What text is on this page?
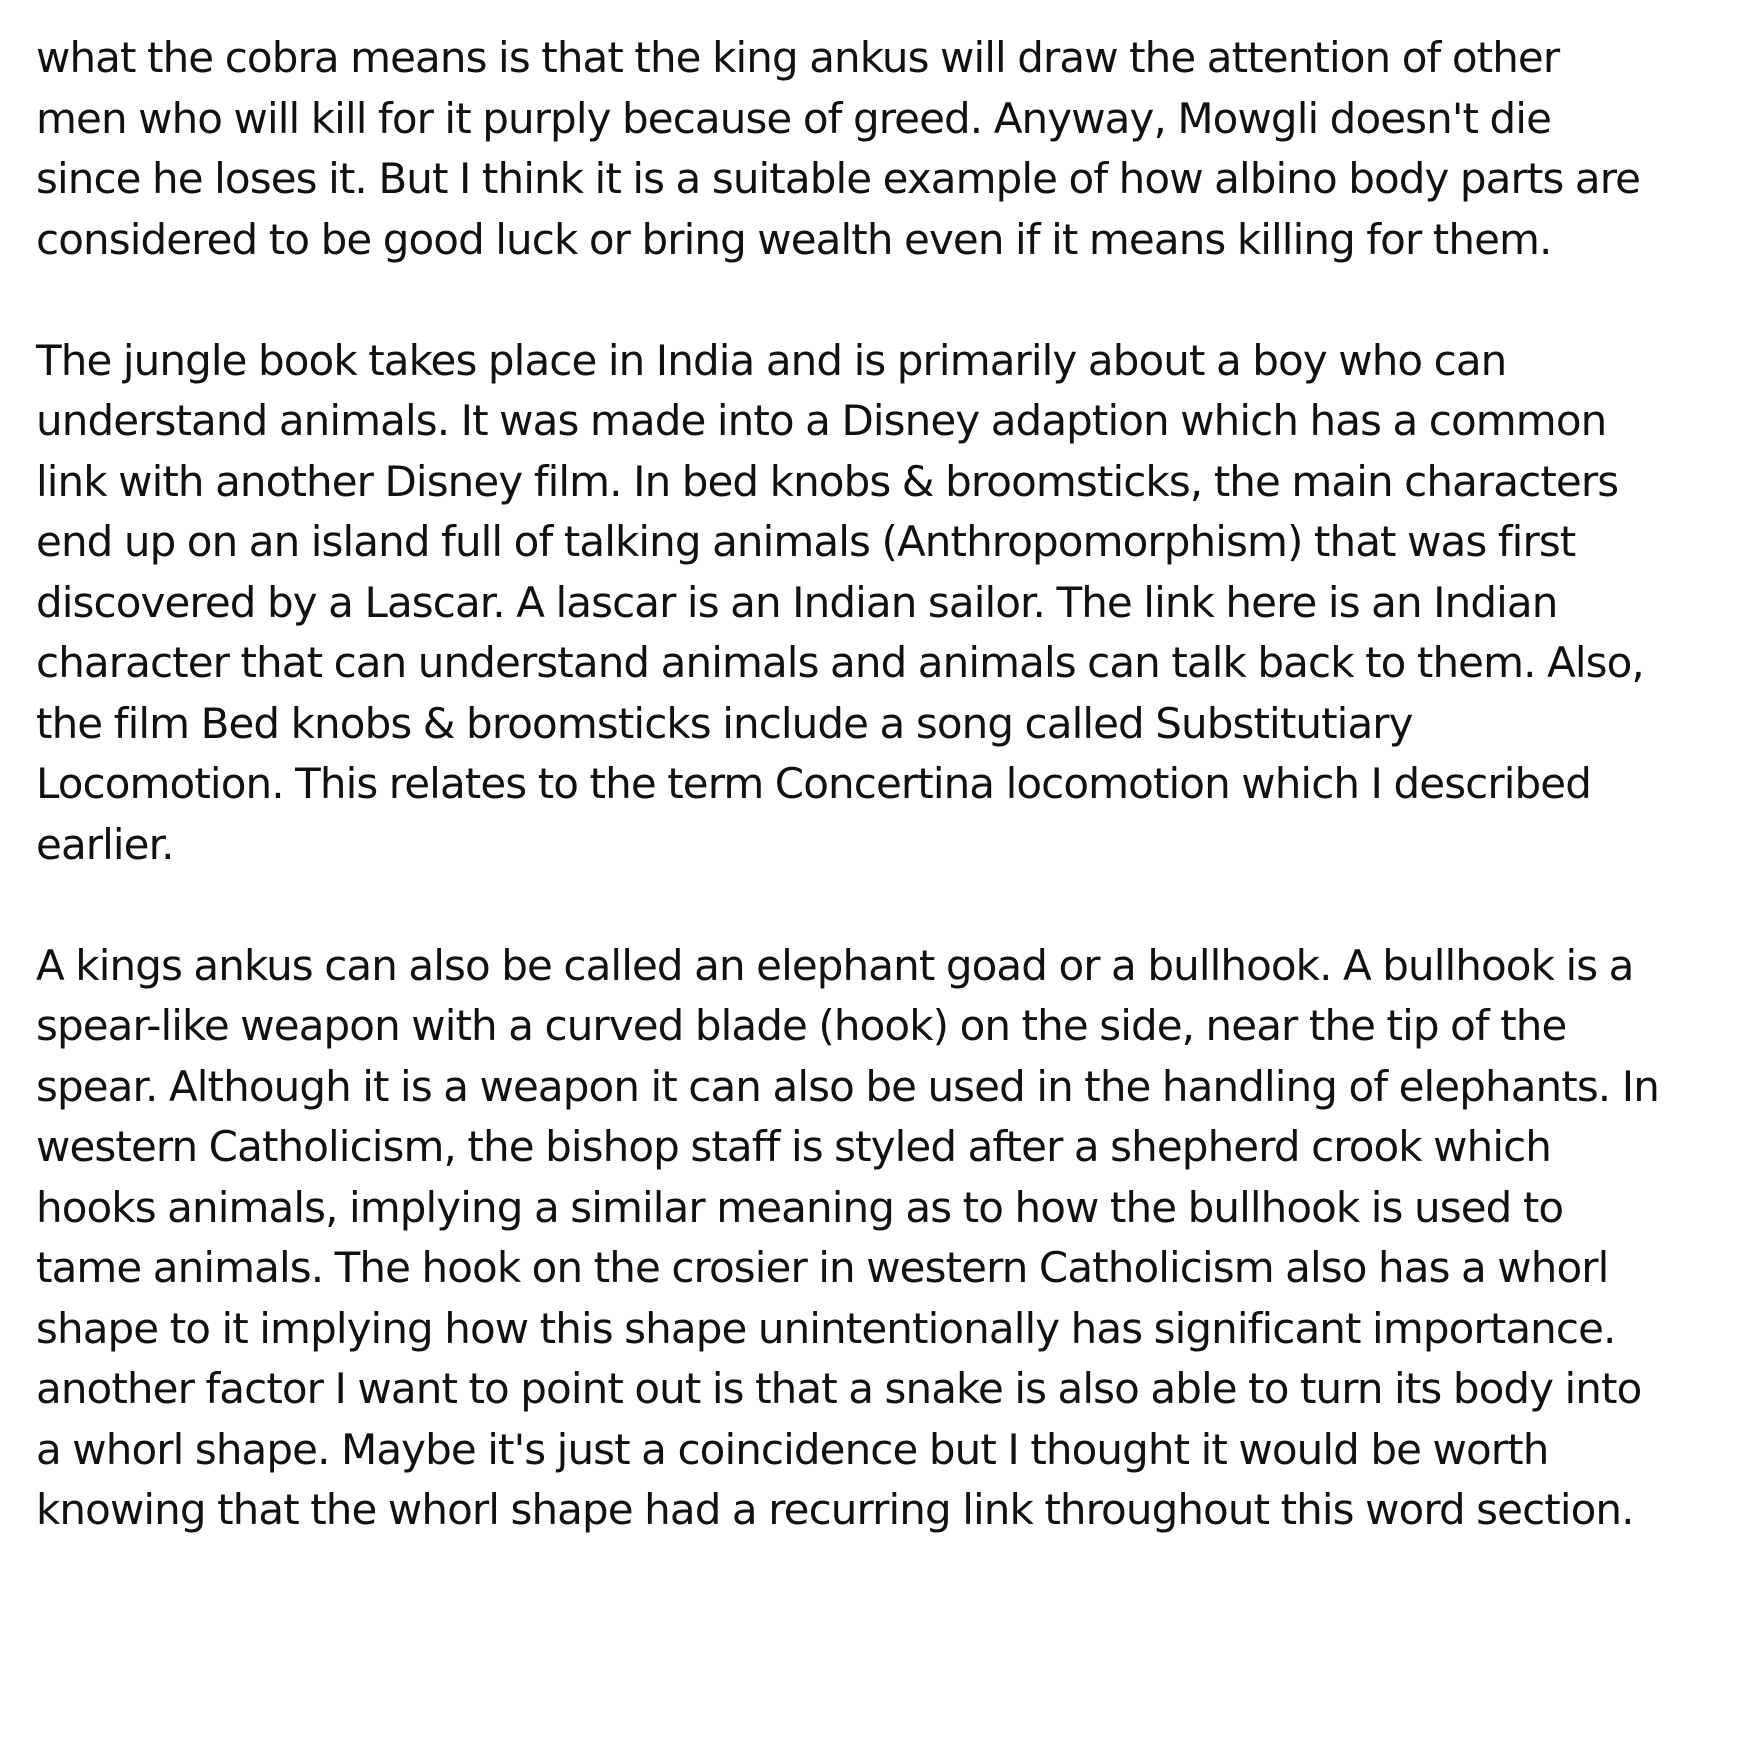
what the cobra means is that the king ankus will draw the attention of other
men who will kill for it purply because of greed. Anyway, Mowgli doesn't die
since he loses it. But I think it is a suitable example of how albino body parts are
considered to be good luck or bring wealth even if it means killing for them.
The jungle book takes place in India and is primarily about a boy who can
understand animals. It was made into a Disney adaption which has a common
link with another Disney film. In bed knobs & broomsticks, the main characters
end up on an island full of talking animals (Anthropomorphism) that was first
discovered by a Lascar. A lascar is an Indian sailor. The link here is an Indian
character that can understand animals and animals can talk back to them. Also,
the film Bed knobs & broomsticks include a song called Substitutiary
Locomotion. This relates to the term Concertina locomotion which I described
earlier.
A kings ankus can also be called an elephant goad or a bullhook. A bullhook is a
spear-like weapon with a curved blade (hook) on the side, near the tip of the
spear. Although it is a weapon it can also be used in the handling of elephants. In
western Catholicism, the bishop staff is styled after a shepherd crook which
hooks animals, implying a similar meaning as to how the bullhook is used to
tame animals. The hook on the crosier in western Catholicism also has a whorl
shape to it implying how this shape unintentionally has significant importance.
another factor I want to point out is that a snake is also able to turn its body into
a whorl shape. Maybe it's just a coincidence but I thought it would be worth
knowing that the whorl shape had a recurring link throughout this word section.
